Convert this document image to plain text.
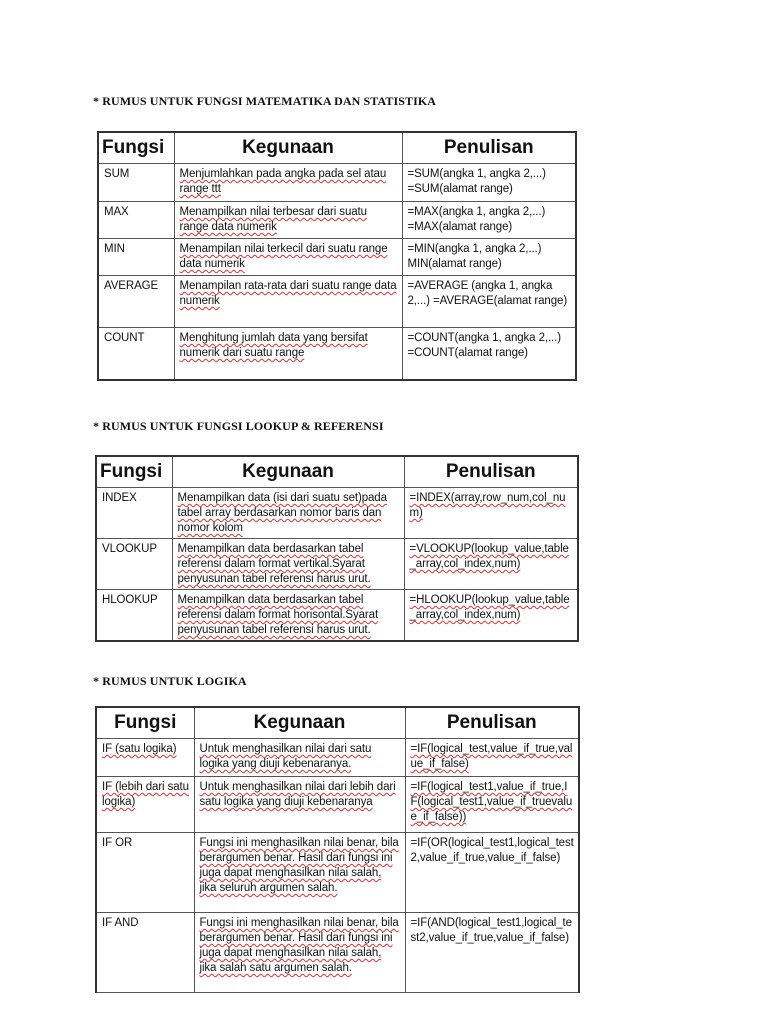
* RUMUS UNTUK FUNGSI MATEMATIKA DAN STATISTIKA
Fungsi	Kegunaan	Penulisan
SUM	Menjumlahkan pada angka pada sel atau range ttt	=SUM(angka 1, angka 2,...) =SUM(alamat range)
MAX	Menampilkan nilai terbesar dari suatu range data numerik	=MAX(angka 1, angka 2,...) =MAX(alamat range)
MIN	Menampilan nilai terkecil dari suatu range data numerik	=MIN(angka 1, angka 2,...) MIN(alamat range)
AVERAGE	Menampilan rata-rata dari suatu range data numerik	=AVERAGE (angka 1, angka 2,...) =AVERAGE(alamat range)
COUNT	Menghitung jumlah data yang bersifat numerik dari suatu range	=COUNT(angka 1, angka 2,...) =COUNT(alamat range)
* RUMUS UNTUK FUNGSI LOOKUP & REFERENSI
Fungsi	Kegunaan	Penulisan
INDEX	Menampilkan data (isi dari suatu set)pada tabel array berdasarkan nomor baris dan nomor kolom	=INDEX(array,row_num,col_num)
VLOOKUP	Menampilkan data berdasarkan tabel referensi dalam format vertikal.Syarat penyusunan tabel referensi harus urut.	=VLOOKUP(lookup_value,table_array,col_index,num)
HLOOKUP	Menampilkan data berdasarkan tabel referensi dalam format horisontal.Syarat penyusunan tabel referensi harus urut.	=HLOOKUP(lookup_value,table_array,col_index,num)
* RUMUS UNTUK LOGIKA
Fungsi	Kegunaan	Penulisan
IF (satu logika)	Untuk menghasilkan nilai dari satu logika yang diuji kebenaranya.	=IF(logical_test,value_if_true,value_if_false)
IF (lebih dari satu logika)	Untuk menghasilkan nilai dari lebih dari satu logika yang diuji kebenaranya	=IF(logical_test1,value_if_true,IF(logical_test1,value_if_truevalue_if_false))
IF OR	Fungsi ini menghasilkan nilai benar, bila berargumen benar. Hasil dari fungsi ini juga dapat menghasilkan nilai salah, jika seluruh argumen salah.	=IF(OR(logical_test1,logical_test2,value_if_true,value_if_false)
IF AND	Fungsi ini menghasilkan nilai benar, bila berargumen benar. Hasil dari fungsi ini juga dapat menghasilkan nilai salah, jika salah satu argumen salah.	=IF(AND(logical_test1,logical_test2,value_if_true,value_if_false)
